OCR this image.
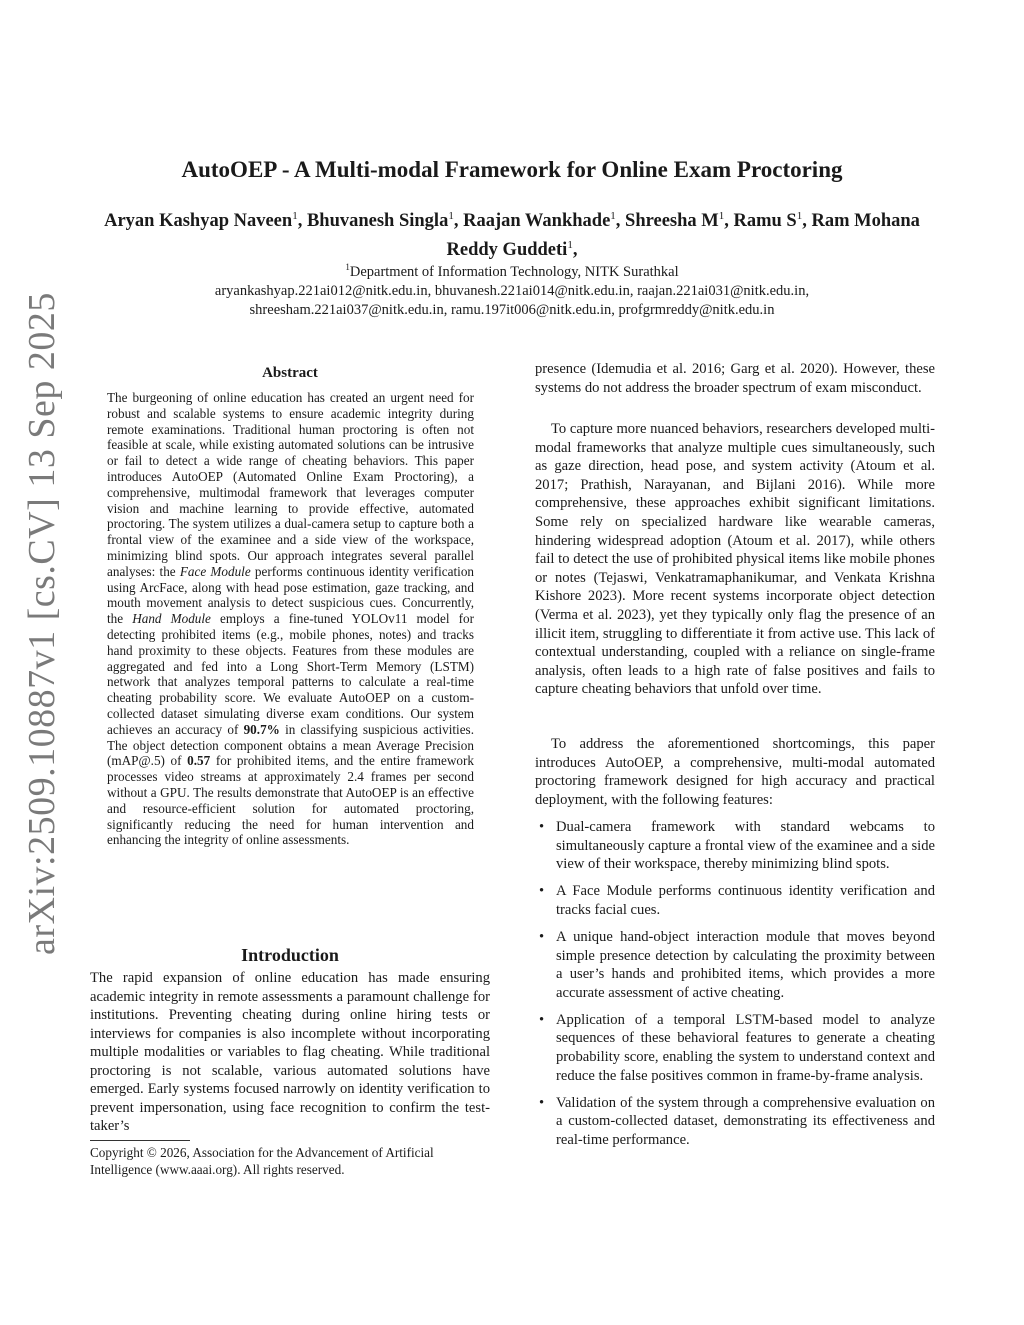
arXiv:2509.10887v1 [cs.CV] 13 Sep 2025
AutoOEP - A Multi-modal Framework for Online Exam Proctoring

Aryan Kashyap Naveen$^1$, Bhuvanesh Singla$^1$, Raajan Wankhade$^1$, Shreesha $M^1$, Ramu $S^1$, Ram Mohana Reddy Guddeti$^1$,

$^1$Department of Information Technology, NITK Surathkal
aryankashyap.221ai012@nitk.edu.in, bhuvanesh.221ai014@nitk.edu.in, raajan.221ai031@nitk.edu.in,
shreesham.221ai037@nitk.edu.in, ramu.197it006@nitk.edu.in, profgrmreddy@nitk.edu.in
Abstract

The burgeoning of online education has created an urgent need for robust and scalable systems to ensure academic integrity during remote examinations. Traditional human proctoring is often not feasible at scale, while existing automated solutions can be intrusive or fail to detect a wide range of cheating behaviors. This paper introduces AutoOEP (Automated Online Exam Proctoring), a comprehensive, multimodal framework that leverages computer vision and machine learning to provide effective, automated proctoring. The system utilizes a dual-camera setup to capture both a frontal view of the examinee and a side view of the workspace, minimizing blind spots. Our approach integrates several parallel analyses: the Face Module performs continuous identity verification using ArcFace, along with head pose estimation, gaze tracking, and mouth movement analysis to detect suspicious cues. Concurrently, the Hand Module employs a fine-tuned YOLOv11 model for detecting prohibited items (e.g., mobile phones, notes) and tracks hand proximity to these objects. Features from these modules are aggregated and fed into a Long Short-Term Memory (LSTM) network that analyzes temporal patterns to calculate a real-time cheating probability score. We evaluate AutoOEP on a custom-collected dataset simulating diverse exam conditions. Our system achieves an accuracy of 90.7% in classifying suspicious activities. The object detection component obtains a mean Average Precision (mAP@.5) of 0.57 for prohibited items, and the entire framework processes video streams at approximately 2.4 frames per second without a GPU. The results demonstrate that AutoOEP is an effective and resource-efficient solution for automated proctoring, significantly reducing the need for human intervention and enhancing the integrity of online assessments.

Introduction

The rapid expansion of online education has made ensuring academic integrity in remote assessments a paramount challenge for institutions. Preventing cheating during online hiring tests or interviews for companies is also incomplete without incorporating multiple modalities or variables to flag cheating. While traditional proctoring is not scalable, various automated solutions have emerged. Early systems focused narrowly on identity verification to prevent impersonation, using face recognition to confirm the test-taker’s

Copyright © 2026, Association for the Advancement of Artificial Intelligence (www.aaai.org). All rights reserved.

presence (Idemudia et al. 2016; Garg et al. 2020). However, these systems do not address the broader spectrum of exam misconduct.

To capture more nuanced behaviors, researchers developed multi-modal frameworks that analyze multiple cues simultaneously, such as gaze direction, head pose, and system activity (Atoum et al. 2017; Prathish, Narayanan, and Bijlani 2016). While more comprehensive, these approaches exhibit significant limitations. Some rely on specialized hardware like wearable cameras, hindering widespread adoption (Atoum et al. 2017), while others fail to detect the use of prohibited physical items like mobile phones or notes (Tejaswi, Venkatramaphanikumar, and Venkata Krishna Kishore 2023). More recent systems incorporate object detection (Verma et al. 2023), yet they typically only flag the presence of an illicit item, struggling to differentiate it from active use. This lack of contextual understanding, coupled with a reliance on single-frame analysis, often leads to a high rate of false positives and fails to capture cheating behaviors that unfold over time.

To address the aforementioned shortcomings, this paper introduces AutoOEP, a comprehensive, multi-modal automated proctoring framework designed for high accuracy and practical deployment, with the following features:

• Dual-camera framework with standard webcams to simultaneously capture a frontal view of the examinee and a side view of their workspace, thereby minimizing blind spots.
• A Face Module performs continuous identity verification and tracks facial cues.
• A unique hand-object interaction module that moves beyond simple presence detection by calculating the proximity between a user’s hands and prohibited items, which provides a more accurate assessment of active cheating.
• Application of a temporal LSTM-based model to analyze sequences of these behavioral features to generate a cheating probability score, enabling the system to understand context and reduce the false positives common in frame-by-frame analysis.
• Validation of the system through a comprehensive evaluation on a custom-collected dataset, demonstrating its effectiveness and real-time performance.
